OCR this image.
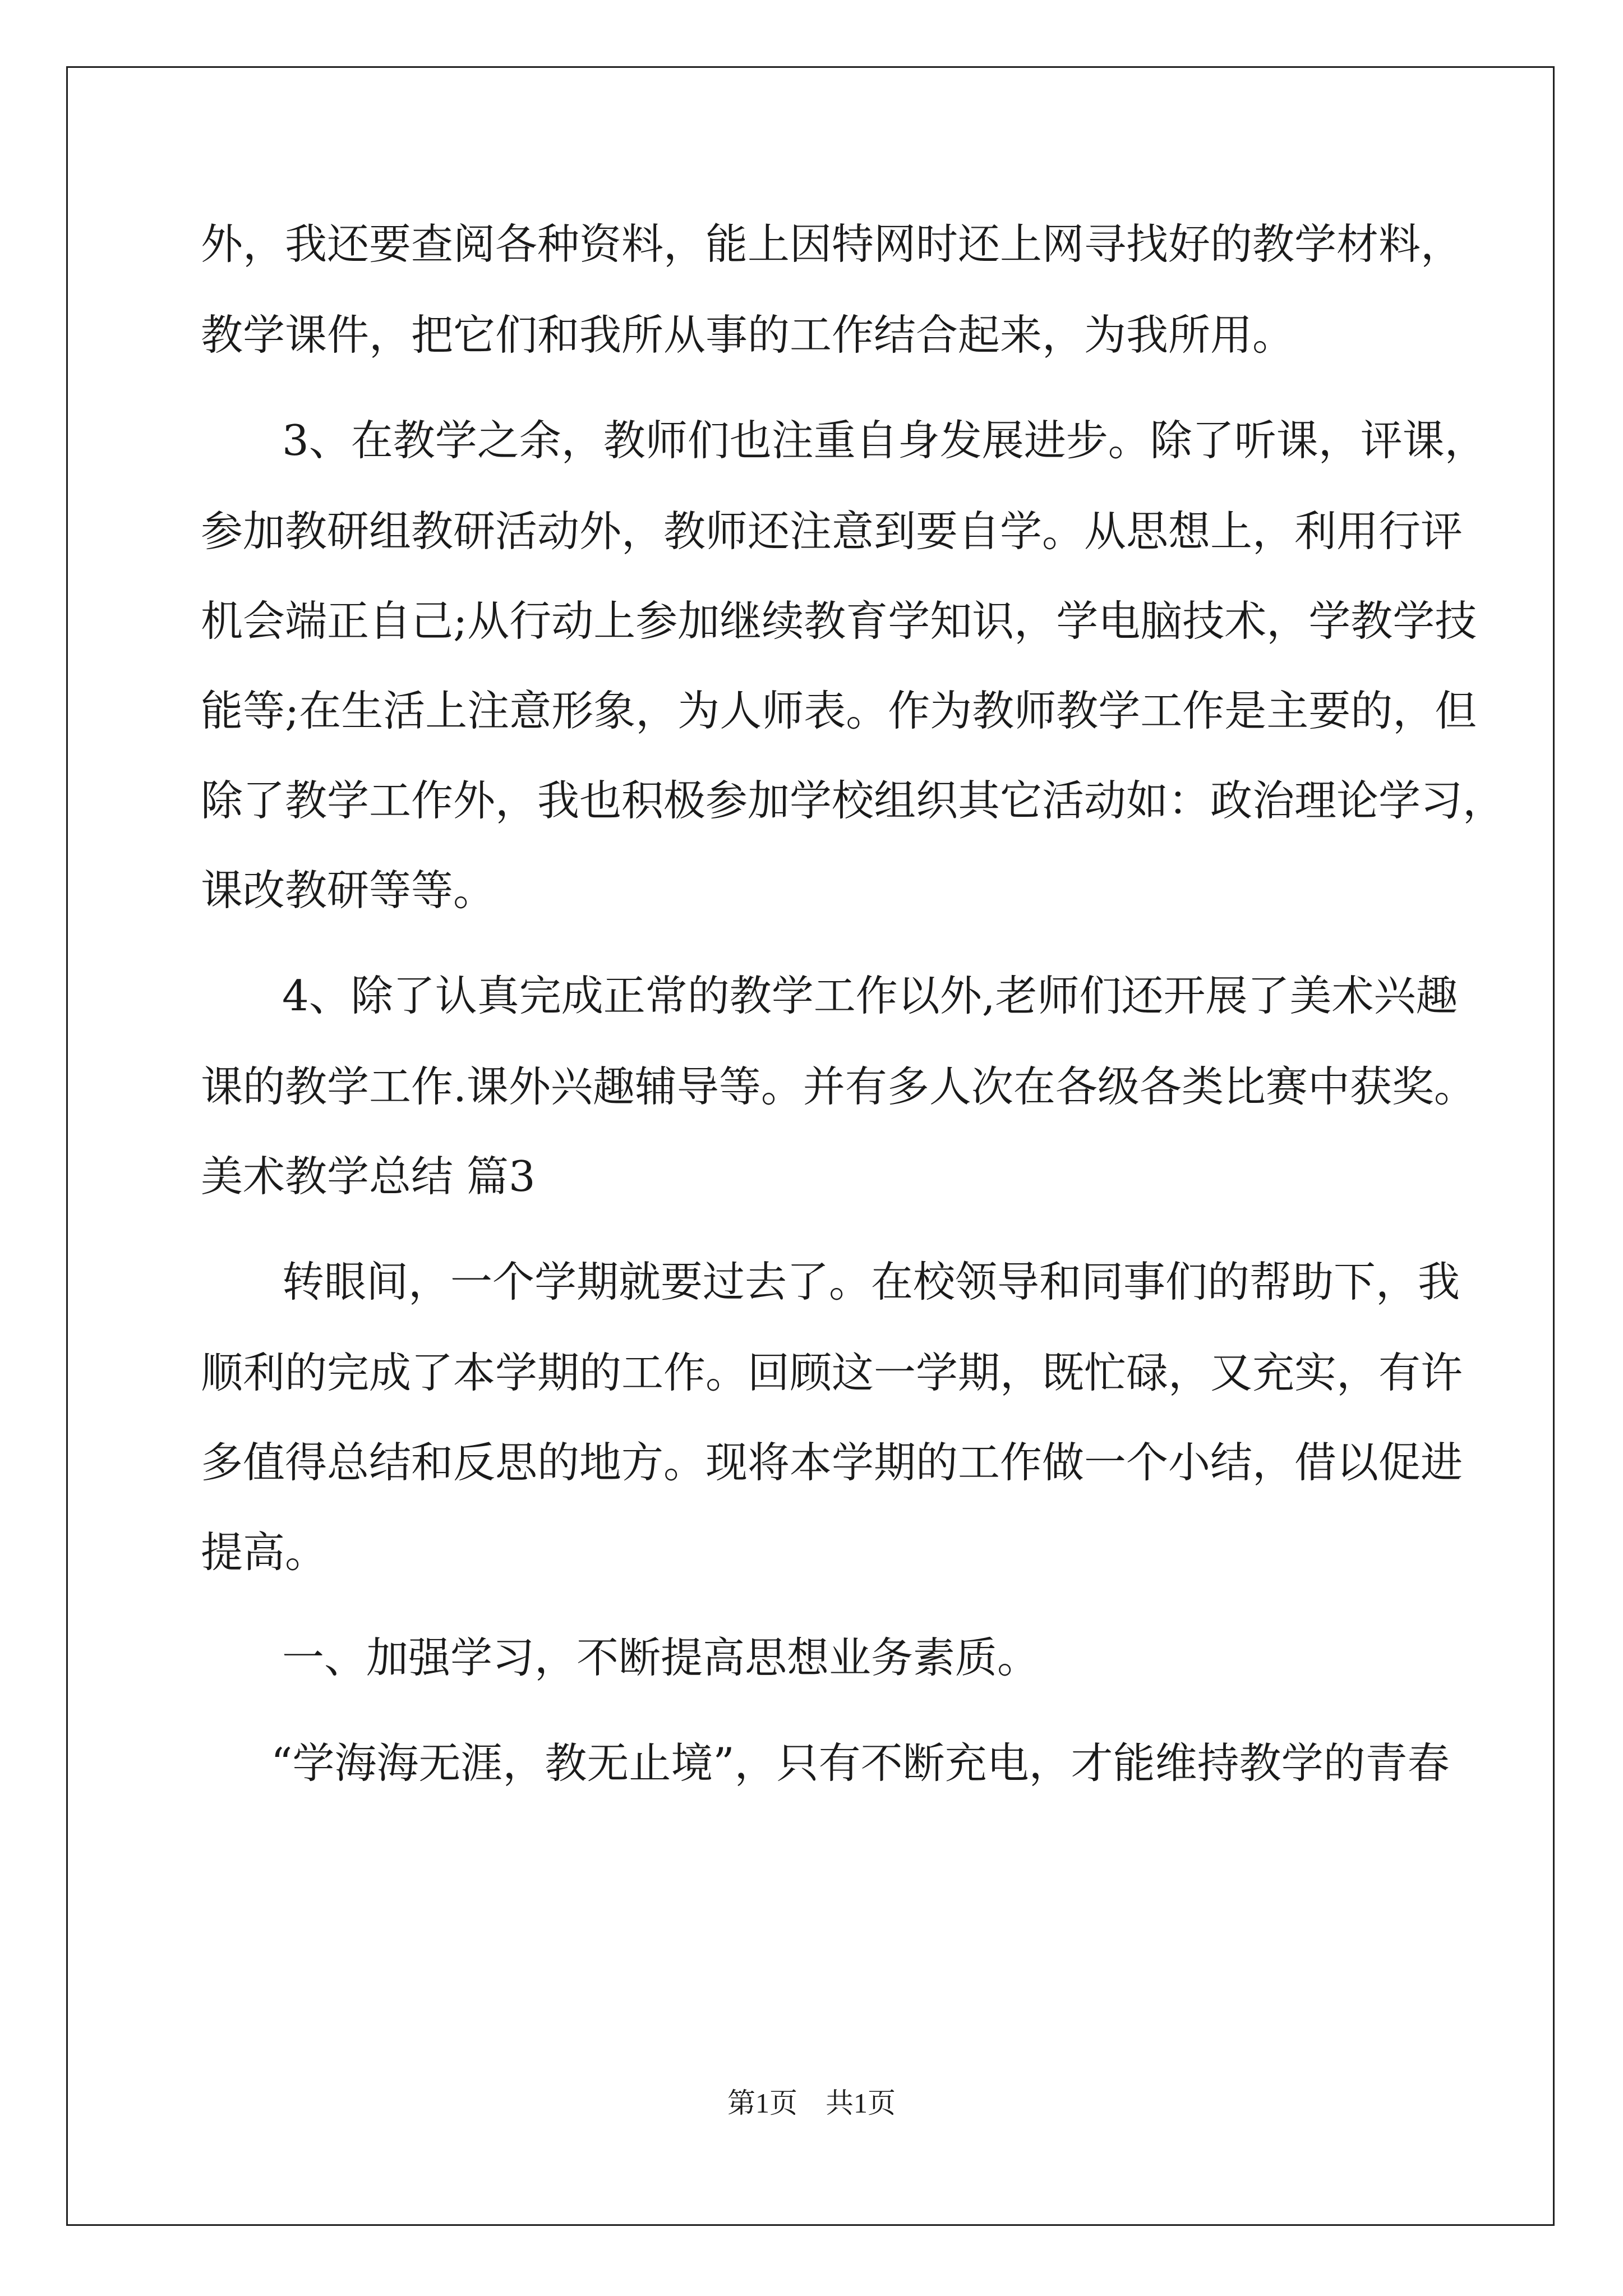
外，我还要查阅各种资料，能上因特网时还上网寻找好的教学材料，
教学课件，把它们和我所从事的工作结合起来，为我所用。
3、在教学之余，教师们也注重自身发展进步。除了听课，评课，
参加教研组教研活动外，教师还注意到要自学。从思想上，利用行评
机会端正自己;从行动上参加继续教育学知识，学电脑技术，学教学技
能等;在生活上注意形象，为人师表。作为教师教学工作是主要的，但
除了教学工作外，我也积极参加学校组织其它活动如：政治理论学习，
课改教研等等。
4、除了认真完成正常的教学工作以外,老师们还开展了美术兴趣
课的教学工作.课外兴趣辅导等。并有多人次在各级各类比赛中获奖。
美术教学总结 篇3
转眼间，一个学期就要过去了。在校领导和同事们的帮助下，我
顺利的完成了本学期的工作。回顾这一学期，既忙碌，又充实，有许
多值得总结和反思的地方。现将本学期的工作做一个小结，借以促进
提高。
一、加强学习，不断提高思想业务素质。
“学海海无涯，教无止境”，只有不断充电，才能维持教学的青春
第1页　共1页
